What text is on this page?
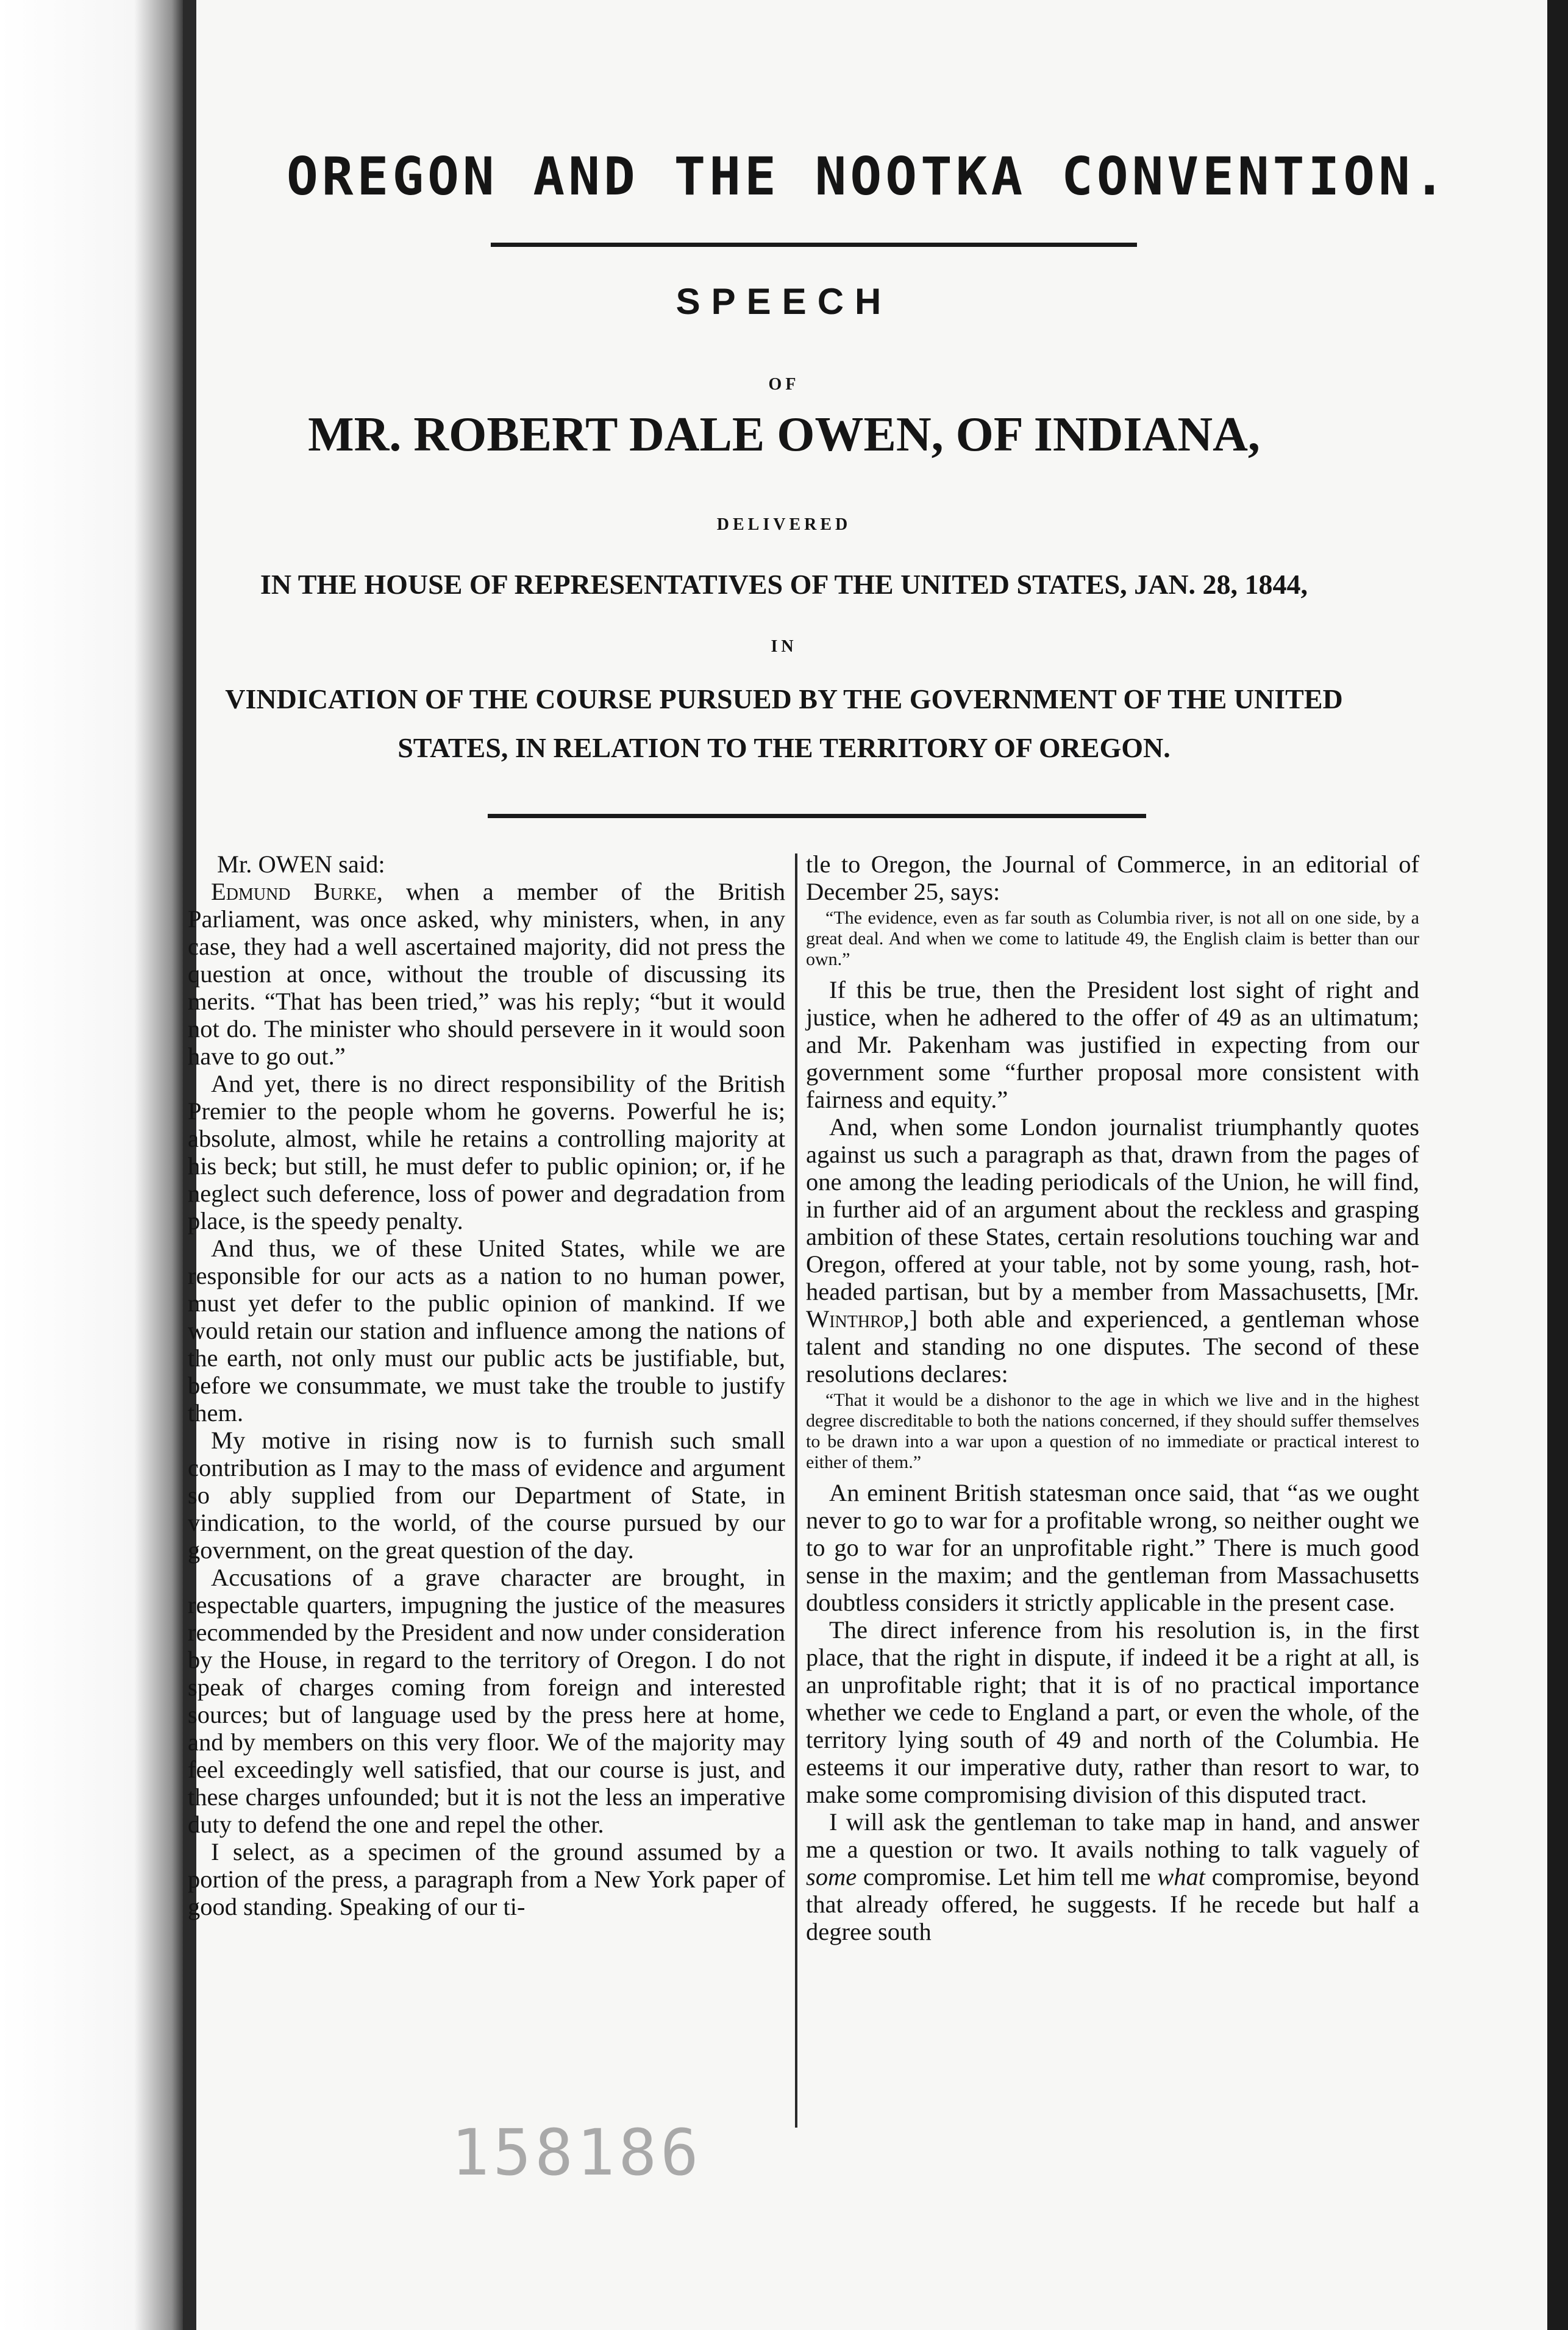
OREGON AND THE NOOTKA CONVENTION.
SPEECH
OF
MR. ROBERT DALE OWEN, OF INDIANA,
DELIVERED
IN THE HOUSE OF REPRESENTATIVES OF THE UNITED STATES, JAN. 28, 1844,
IN
VINDICATION OF THE COURSE PURSUED BY THE GOVERNMENT OF THE UNITED
STATES, IN RELATION TO THE TERRITORY OF OREGON.

Mr. OWEN said:

Edmund Burke, when a member of the British Parliament, was once asked, why ministers, when, in any case, they had a well ascertained majority, did not press the question at once, without the trouble of discussing its merits. “That has been tried,” was his reply; “but it would not do. The minister who should persevere in it would soon have to go out.”

And yet, there is no direct responsibility of the British Premier to the people whom he governs. Powerful he is; absolute, almost, while he retains a controlling majority at his beck; but still, he must defer to public opinion; or, if he neglect such deference, loss of power and degradation from place, is the speedy penalty.

And thus, we of these United States, while we are responsible for our acts as a nation to no human power, must yet defer to the public opinion of mankind. If we would retain our station and influence among the nations of the earth, not only must our public acts be justifiable, but, before we consummate, we must take the trouble to justify them.

My motive in rising now is to furnish such small contribution as I may to the mass of evidence and argument so ably supplied from our Department of State, in vindication, to the world, of the course pursued by our government, on the great question of the day.

Accusations of a grave character are brought, in respectable quarters, impugning the justice of the measures recommended by the President and now under consideration by the House, in regard to the territory of Oregon. I do not speak of charges coming from foreign and interested sources; but of language used by the press here at home, and by members on this very floor. We of the majority may feel exceedingly well satisfied, that our course is just, and these charges unfounded; but it is not the less an imperative duty to defend the one and repel the other.

I select, as a specimen of the ground assumed by a portion of the press, a paragraph from a New York paper of good standing. Speaking of our ti-

tle to Oregon, the Journal of Commerce, in an editorial of December 25, says:

“The evidence, even as far south as Columbia river, is not all on one side, by a great deal. And when we come to latitude 49, the English claim is better than our own.”

If this be true, then the President lost sight of right and justice, when he adhered to the offer of 49 as an ultimatum; and Mr. Pakenham was justified in expecting from our government some “further proposal more consistent with fairness and equity.”

And, when some London journalist triumphantly quotes against us such a paragraph as that, drawn from the pages of one among the leading periodicals of the Union, he will find, in further aid of an argument about the reckless and grasping ambition of these States, certain resolutions touching war and Oregon, offered at your table, not by some young, rash, hot-headed partisan, but by a member from Massachusetts, [Mr. Winthrop,] both able and experienced, a gentleman whose talent and standing no one disputes. The second of these resolutions declares:

“That it would be a dishonor to the age in which we live and in the highest degree discreditable to both the nations concerned, if they should suffer themselves to be drawn into a war upon a question of no immediate or practical interest to either of them.”

An eminent British statesman once said, that “as we ought never to go to war for a profitable wrong, so neither ought we to go to war for an unprofitable right.” There is much good sense in the maxim; and the gentleman from Massachusetts doubtless considers it strictly applicable in the present case.

The direct inference from his resolution is, in the first place, that the right in dispute, if indeed it be a right at all, is an unprofitable right; that it is of no practical importance whether we cede to England a part, or even the whole, of the territory lying south of 49 and north of the Columbia. He esteems it our imperative duty, rather than resort to war, to make some compromising division of this disputed tract.

I will ask the gentleman to take map in hand, and answer me a question or two. It avails nothing to talk vaguely of some compromise. Let him tell me what compromise, beyond that already offered, he suggests. If he recede but half a degree south

158186
